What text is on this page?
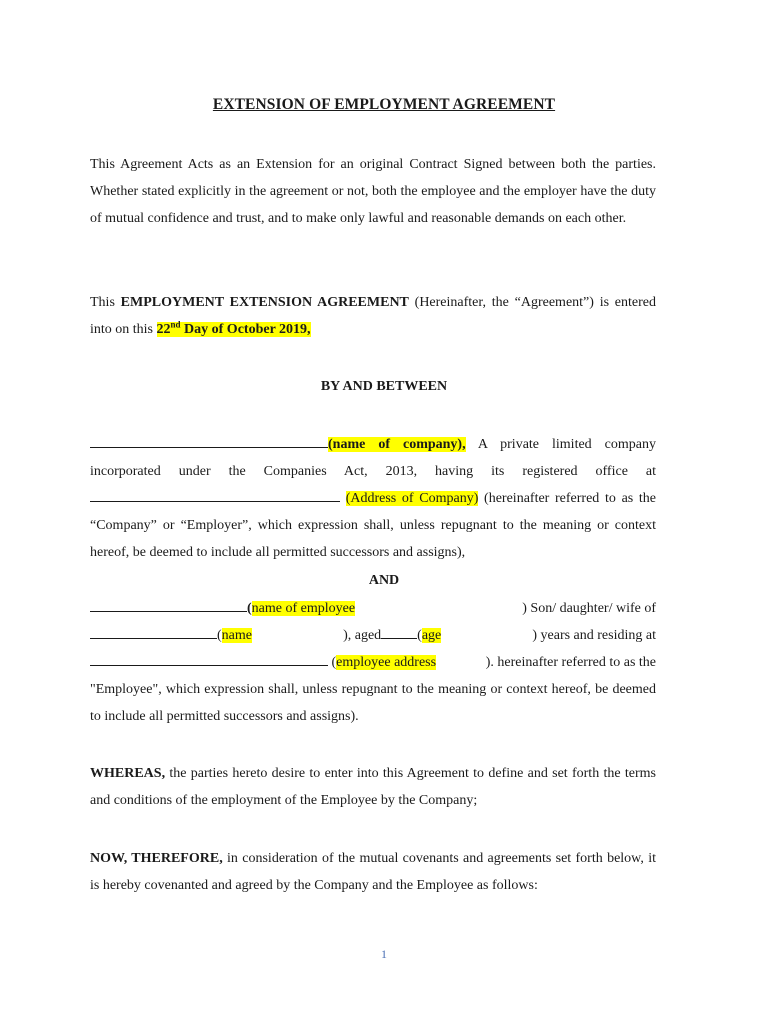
EXTENSION OF EMPLOYMENT AGREEMENT
This Agreement Acts as an Extension for an original Contract Signed between both the parties. Whether stated explicitly in the agreement or not, both the employee and the employer have the duty of mutual confidence and trust, and to make only lawful and reasonable demands on each other.
This EMPLOYMENT EXTENSION AGREEMENT (Hereinafter, the “Agreement”) is entered into on this 22nd Day of October 2019,
BY AND BETWEEN
(name of company), A private limited company incorporated under the Companies Act, 2013, having its registered office at  (Address of Company) (hereinafter referred to as the “Company” or “Employer”, which expression shall, unless repugnant to the meaning or context hereof, be deemed to include all permitted successors and assigns),
AND
(name of employee	) Son/ daughter/ wife of
(name	), aged	(age	) years and residing at
(employee address	). hereinafter referred to as the
"Employee", which expression shall, unless repugnant to the meaning or context hereof, be deemed to include all permitted successors and assigns).
WHEREAS, the parties hereto desire to enter into this Agreement to define and set forth the terms and conditions of the employment of the Employee by the Company;
NOW, THEREFORE, in consideration of the mutual covenants and agreements set forth below, it is hereby covenanted and agreed by the Company and the Employee as follows:
1
